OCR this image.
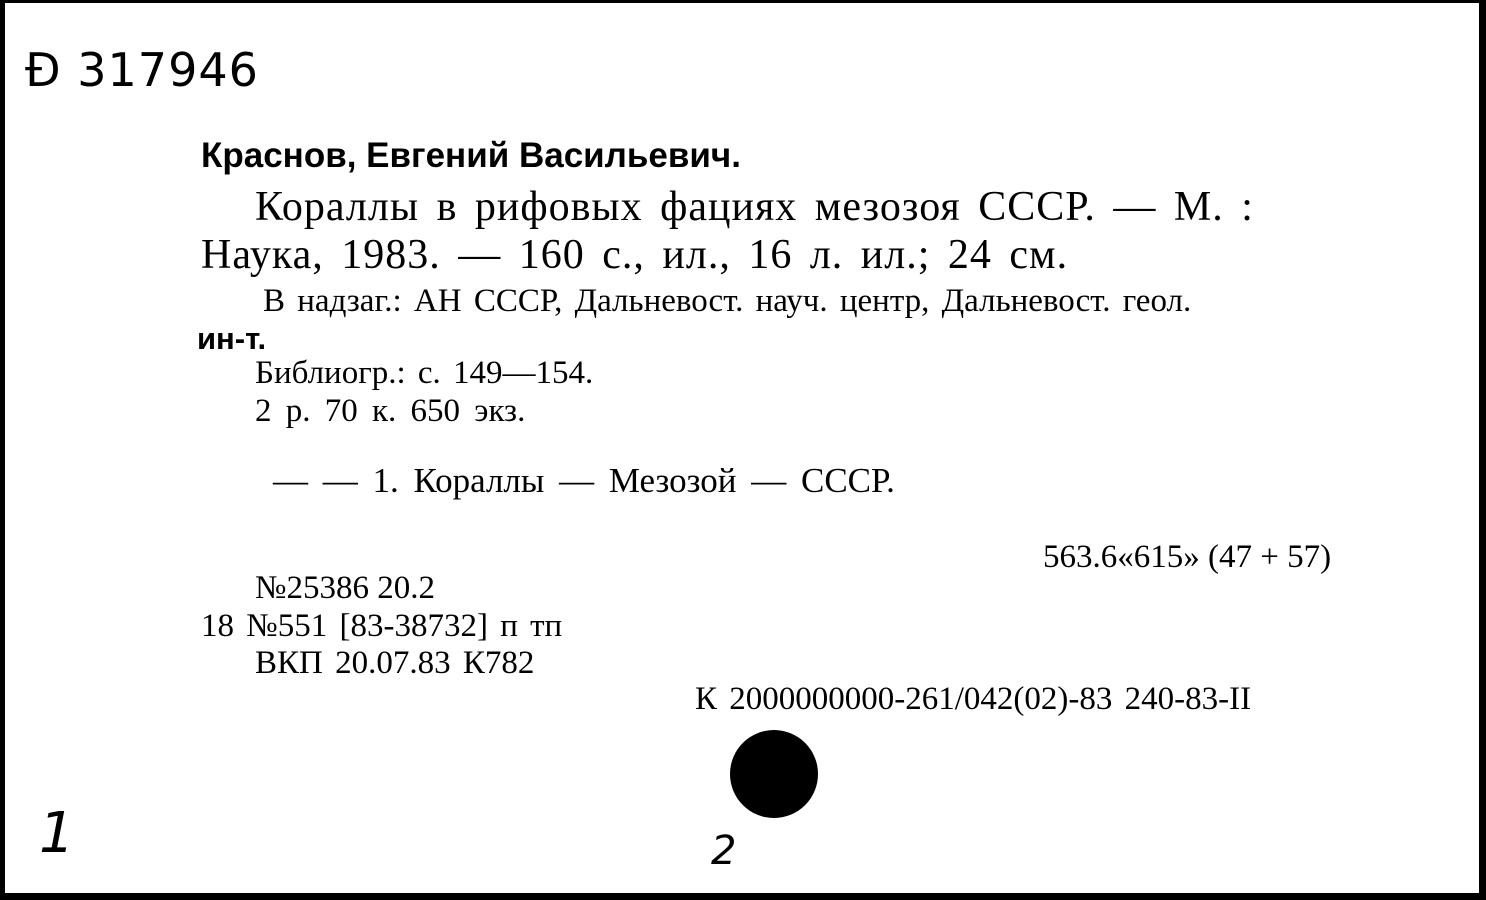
Ð 317946
Краснов, Евгений Васильевич.
Кораллы в рифовых фациях мезозоя СССР. — М. :
Наука, 1983. — 160 с., ил., 16 л. ил.; 24 см.
В надзаг.: АН СССР, Дальневост. науч. центр, Дальневост. геол.
ин-т.
Библиогр.: с. 149—154.
2 р. 70 к. 650 экз.
— — 1. Кораллы — Мезозой — СССР.
563.6«615» (47 + 57)
№25386 20.2
18 №551 [83-38732] п тп
ВКП 20.07.83 К782
К 2000000000-261/042(02)-83 240-83-II
1	2
